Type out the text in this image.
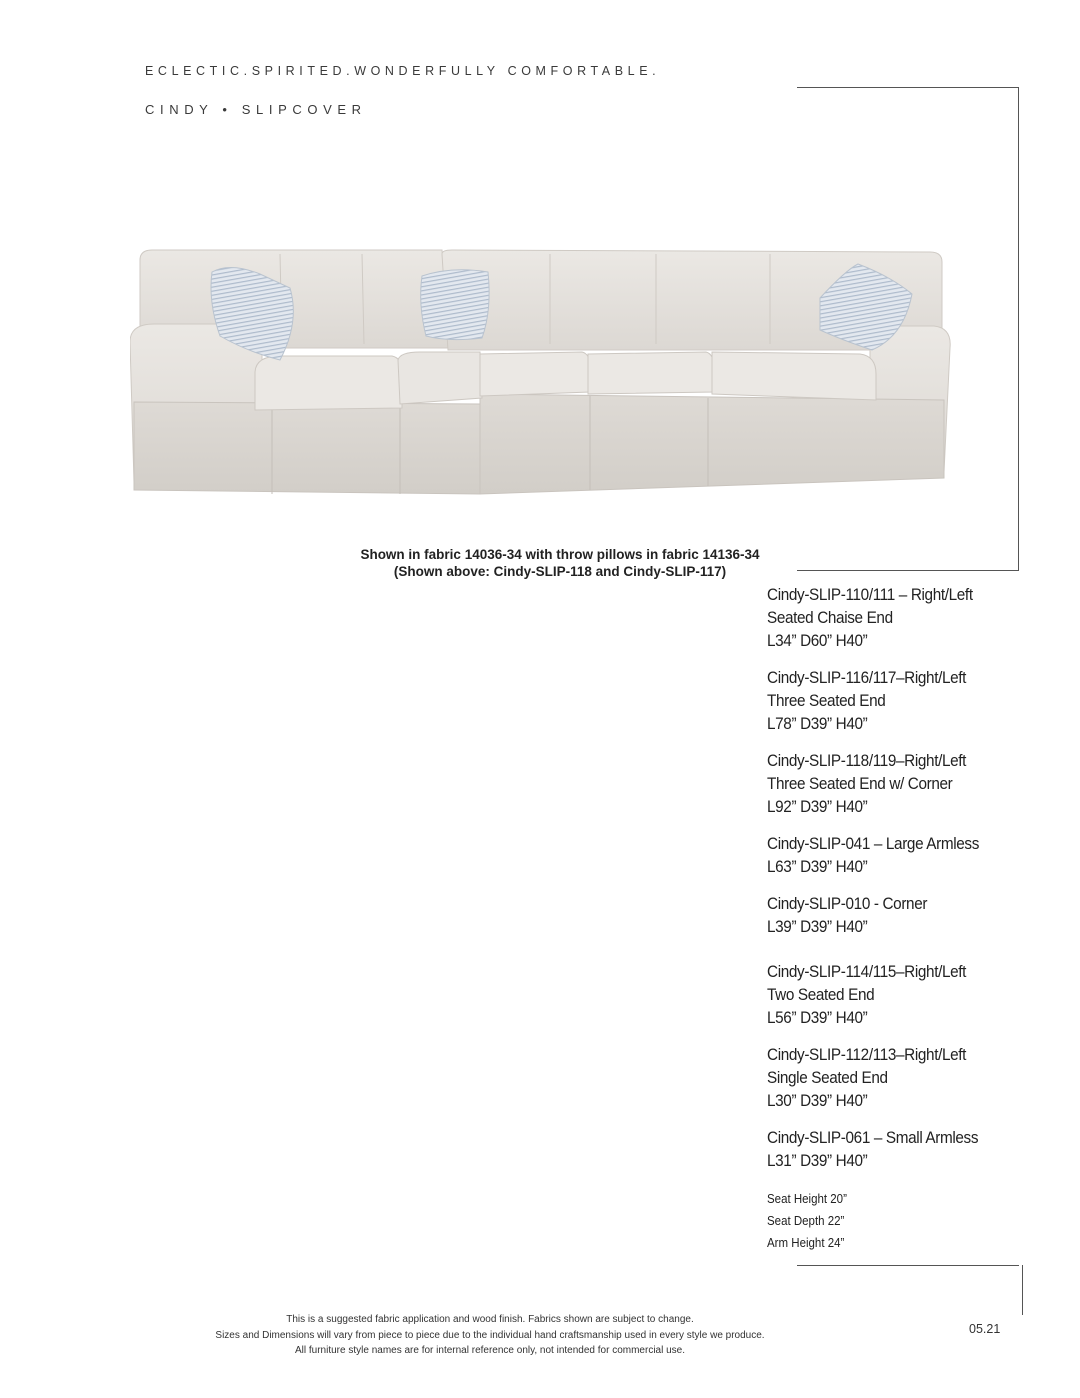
ECLECTIC.SPIRITED.WONDERFULLY COMFORTABLE.
CINDY • SLIPCOVER
Shown in fabric 14036-34 with throw pillows in fabric 14136-34
(Shown above: Cindy-SLIP-118 and Cindy-SLIP-117)
Cindy-SLIP-110/111 – Right/Left
Seated Chaise End
L34” D60” H40”
Cindy-SLIP-116/117–Right/Left
Three Seated End
L78” D39” H40”
Cindy-SLIP-118/119–Right/Left
Three Seated End w/ Corner
L92” D39” H40”
Cindy-SLIP-041 – Large Armless
L63” D39” H40”
Cindy-SLIP-010 - Corner
L39” D39” H40”
Cindy-SLIP-114/115–Right/Left
Two Seated End
L56” D39” H40”
Cindy-SLIP-112/113–Right/Left
Single Seated End
L30” D39” H40”
Cindy-SLIP-061 – Small Armless
L31” D39” H40”
Seat Height 20”
Seat Depth 22”
Arm Height 24”
This is a suggested fabric application and wood finish. Fabrics shown are subject to change.
Sizes and Dimensions will vary from piece to piece due to the individual hand craftsmanship used in every style we produce.
All furniture style names are for internal reference only, not intended for commercial use.
05.21
